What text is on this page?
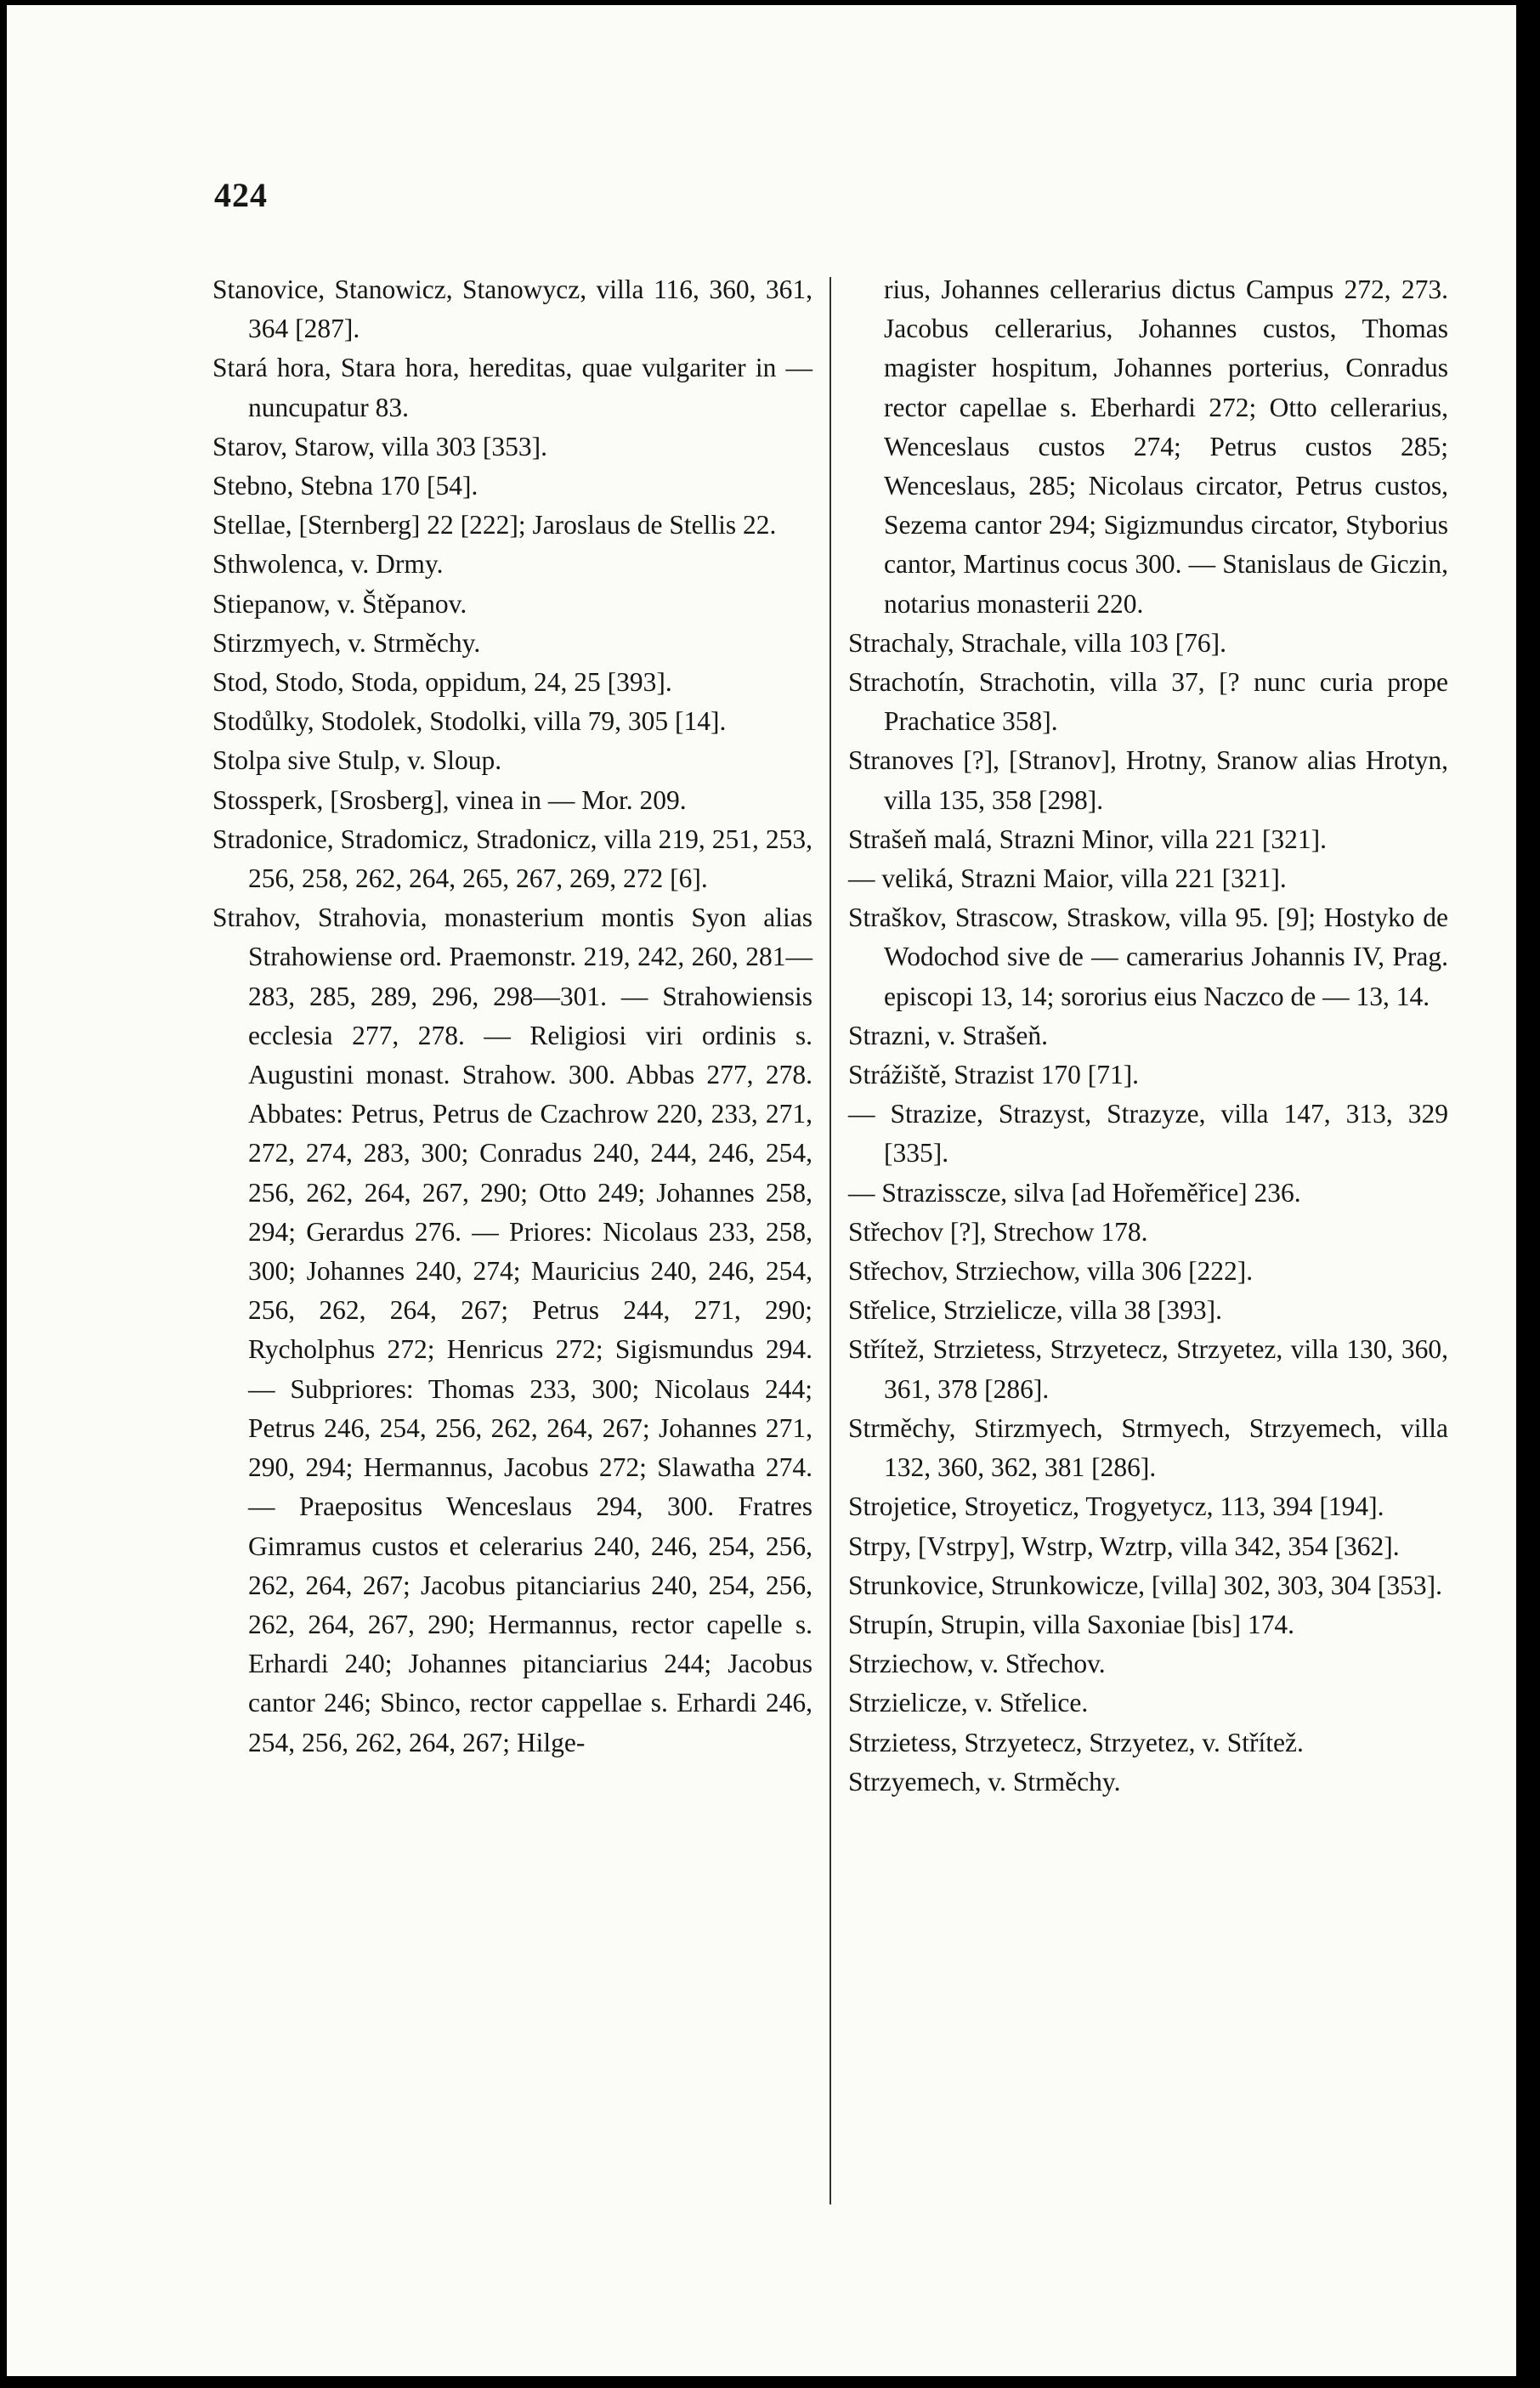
424
Stanovice, Stanowicz, Stanowycz, villa 116, 360, 361, 364 [287].
Stará hora, Stara hora, hereditas, quae vulgariter in — nuncupatur 83.
Starov, Starow, villa 303 [353].
Stebno, Stebna 170 [54].
Stellae, [Sternberg] 22 [222]; Jaroslaus de Stellis 22.
Sthwolenca, v. Drmy.
Stiepanow, v. Štěpanov.
Stirzmyech, v. Strměchy.
Stod, Stodo, Stoda, oppidum, 24, 25 [393].
Stodůlky, Stodolek, Stodolki, villa 79, 305 [14].
Stolpa sive Stulp, v. Sloup.
Stossperk, [Srosberg], vinea in — Mor. 209.
Stradonice, Stradomicz, Stradonicz, villa 219, 251, 253, 256, 258, 262, 264, 265, 267, 269, 272 [6].
Strahov, Strahovia, monasterium montis Syon alias Strahowiense ord. Praemonstr. 219, 242, 260, 281—283, 285, 289, 296, 298—301. — Strahowiensis ecclesia 277, 278. — Religiosi viri ordinis s. Augustini monast. Strahow. 300. Abbas 277, 278. Abbates: Petrus, Petrus de Czachrow 220, 233, 271, 272, 274, 283, 300; Conradus 240, 244, 246, 254, 256, 262, 264, 267, 290; Otto 249; Johannes 258, 294; Gerardus 276. — Priores: Nicolaus 233, 258, 300; Johannes 240, 274; Mauricius 240, 246, 254, 256, 262, 264, 267; Petrus 244, 271, 290; Rycholphus 272; Henricus 272; Sigismundus 294. — Subpriores: Thomas 233, 300; Nicolaus 244; Petrus 246, 254, 256, 262, 264, 267; Johannes 271, 290, 294; Hermannus, Jacobus 272; Slawatha 274. — Praepositus Wenceslaus 294, 300. Fratres Gimramus custos et celerarius 240, 246, 254, 256, 262, 264, 267; Jacobus pitanciarius 240, 254, 256, 262, 264, 267, 290; Hermannus, rector capelle s. Erhardi 240; Johannes pitanciarius 244; Jacobus cantor 246; Sbinco, rector cappellae s. Erhardi 246, 254, 256, 262, 264, 267; Hilge-
rius, Johannes cellerarius dictus Campus 272, 273. Jacobus cellerarius, Johannes custos, Thomas magister hospitum, Johannes porterius, Conradus rector capellae s. Eberhardi 272; Otto cellerarius, Wenceslaus custos 274; Petrus custos 285; Wenceslaus, 285; Nicolaus circator, Petrus custos, Sezema cantor 294; Sigizmundus circator, Styborius cantor, Martinus cocus 300. — Stanislaus de Giczin, notarius monasterii 220.
Strachaly, Strachale, villa 103 [76].
Strachotín, Strachotin, villa 37, [? nunc curia prope Prachatice 358].
Stranoves [?], [Stranov], Hrotny, Sranow alias Hrotyn, villa 135, 358 [298].
Strašeň malá, Strazni Minor, villa 221 [321].
— veliká, Strazni Maior, villa 221 [321].
Straškov, Strascow, Straskow, villa 95. [9]; Hostyko de Wodochod sive de — camerarius Johannis IV, Prag. episcopi 13, 14; sororius eius Naczco de — 13, 14.
Strazni, v. Strašeň.
Strážiště, Strazist 170 [71].
— Strazize, Strazyst, Strazyze, villa 147, 313, 329 [335].
— Strazisscze, silva [ad Hořeměřice] 236.
Střechov [?], Strechow 178.
Střechov, Strziechow, villa 306 [222].
Střelice, Strzielicze, villa 38 [393].
Střítež, Strzietess, Strzyetecz, Strzyetez, villa 130, 360, 361, 378 [286].
Strměchy, Stirzmyech, Strmyech, Strzyemech, villa 132, 360, 362, 381 [286].
Strojetice, Stroyeticz, Trogyetycz, 113, 394 [194].
Strpy, [Vstrpy], Wstrp, Wztrp, villa 342, 354 [362].
Strunkovice, Strunkowicze, [villa] 302, 303, 304 [353].
Strupín, Strupin, villa Saxoniae [bis] 174.
Strziechow, v. Střechov.
Strzielicze, v. Střelice.
Strzietess, Strzyetecz, Strzyetez, v. Střítež.
Strzyemech, v. Strměchy.
